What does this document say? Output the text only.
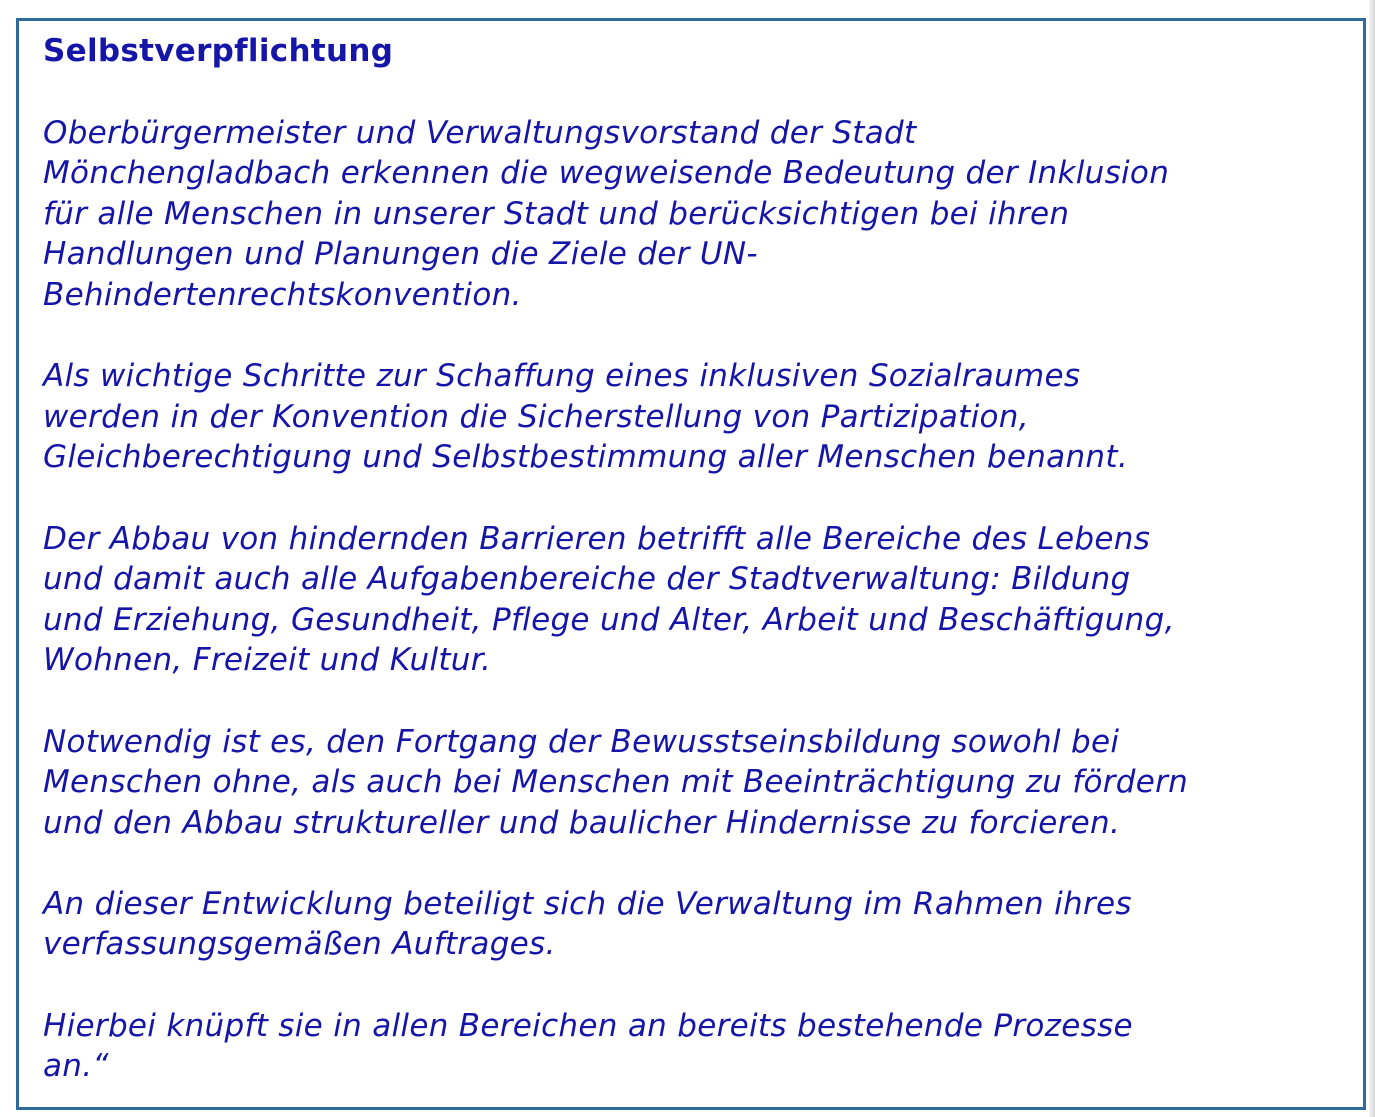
Selbstverpflichtung

Oberbürgermeister und Verwaltungsvorstand der Stadt
Mönchengladbach erkennen die wegweisende Bedeutung der Inklusion
für alle Menschen in unserer Stadt und berücksichtigen bei ihren
Handlungen und Planungen die Ziele der UN-
Behindertenrechtskonvention.

Als wichtige Schritte zur Schaffung eines inklusiven Sozialraumes
werden in der Konvention die Sicherstellung von Partizipation,
Gleichberechtigung und Selbstbestimmung aller Menschen benannt.

Der Abbau von hindernden Barrieren betrifft alle Bereiche des Lebens
und damit auch alle Aufgabenbereiche der Stadtverwaltung: Bildung
und Erziehung, Gesundheit, Pflege und Alter, Arbeit und Beschäftigung,
Wohnen, Freizeit und Kultur.

Notwendig ist es, den Fortgang der Bewusstseinsbildung sowohl bei
Menschen ohne, als auch bei Menschen mit Beeinträchtigung zu fördern
und den Abbau struktureller und baulicher Hindernisse zu forcieren.

An dieser Entwicklung beteiligt sich die Verwaltung im Rahmen ihres
verfassungsgemäßen Auftrages.

Hierbei knüpft sie in allen Bereichen an bereits bestehende Prozesse
an.“
